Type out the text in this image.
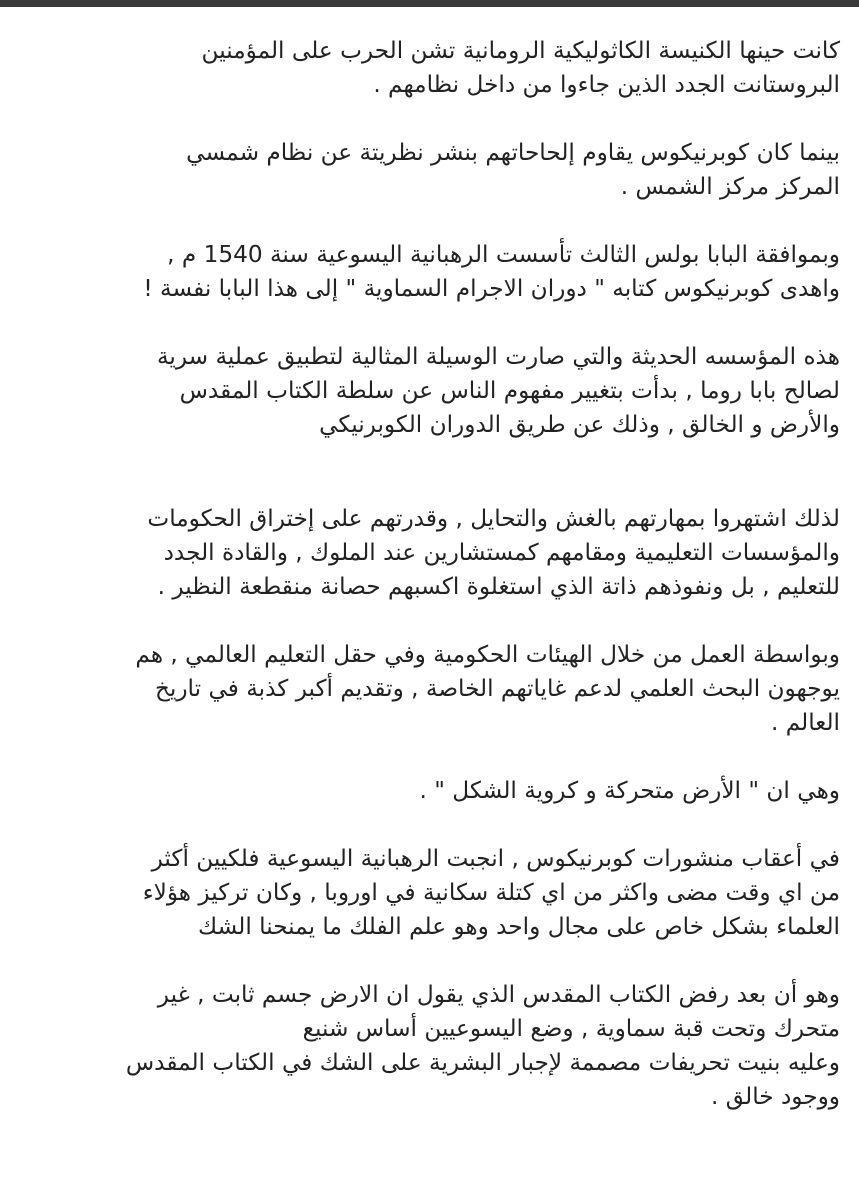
كانت حينها الكنيسة الكاثوليكية الرومانية تشن الحرب على المؤمنين
البروستانت الجدد الذين جاءوا من داخل نظامهم .
بينما كان كوبرنيكوس يقاوم إلحاحاتهم بنشر نظريتة عن نظام شمسي
المركز مركز الشمس .
وبموافقة البابا بولس الثالث تأسست الرهبانية اليسوعية سنة 1540 م ,
واهدى كوبرنيكوس كتابه " دوران الاجرام السماوية " إلى هذا البابا نفسة !
هذه المؤسسه الحديثة والتي صارت الوسيلة المثالية لتطبيق عملية سرية
لصالح بابا روما , بدأت بتغيير مفهوم الناس عن سلطة الكتاب المقدس
والأرض و الخالق , وذلك عن طريق الدوران الكوبرنيكي
لذلك اشتهروا بمهارتهم بالغش والتحايل , وقدرتهم على إختراق الحكومات
والمؤسسات التعليمية ومقامهم كمستشارين عند الملوك , والقادة الجدد
للتعليم , بل ونفوذهم ذاتة الذي استغلوة اكسبهم حصانة منقطعة النظير .
وبواسطة العمل من خلال الهيئات الحكومية وفي حقل التعليم العالمي , هم
يوجهون البحث العلمي لدعم غاياتهم الخاصة , وتقديم أكبر كذبة في تاريخ
العالم .
وهي ان " الأرض متحركة و كروية الشكل " .
في أعقاب منشورات كوبرنيكوس , انجبت الرهبانية اليسوعية فلكيين أكثر
من اي وقت مضى واكثر من اي كتلة سكانية في اوروبا , وكان تركيز هؤلاء
العلماء بشكل خاص على مجال واحد وهو علم الفلك ما يمنحنا الشك
وهو أن بعد رفض الكتاب المقدس الذي يقول ان الارض جسم ثابت , غير
متحرك وتحت قبة سماوية , وضع اليسوعيين أساس شنيع
وعليه بنيت تحريفات مصممة لإجبار البشرية على الشك في الكتاب المقدس
ووجود خالق .
